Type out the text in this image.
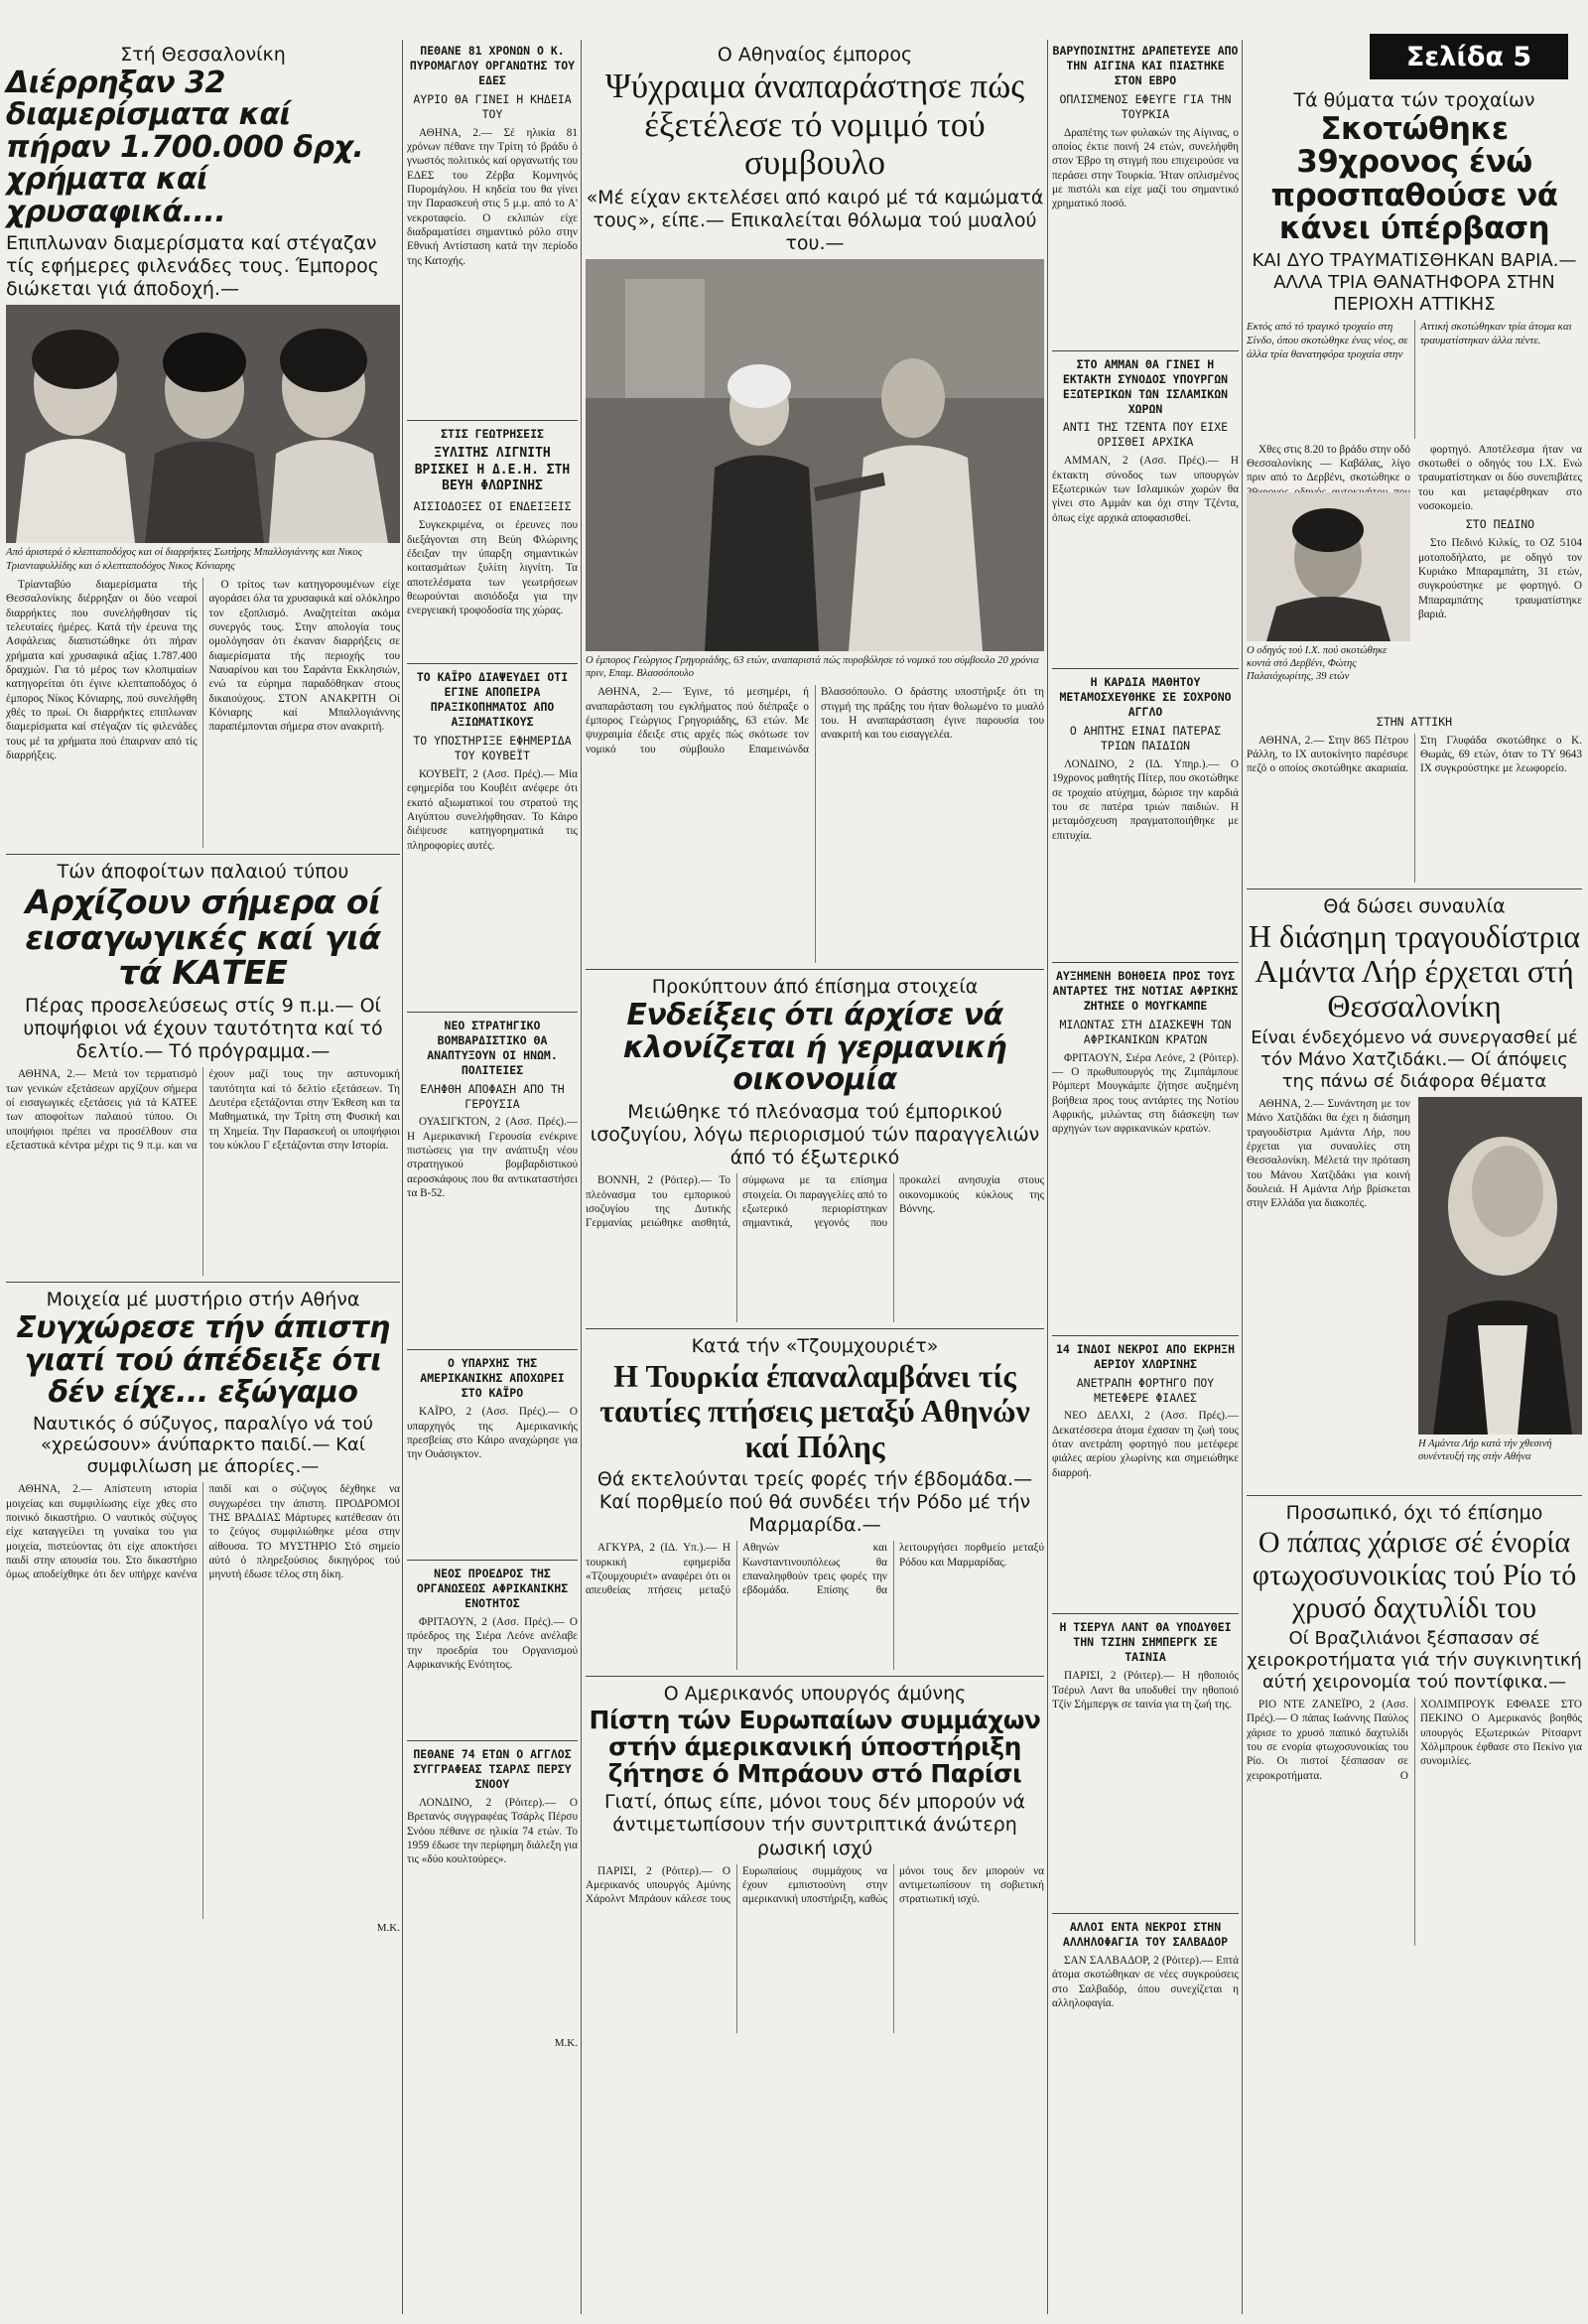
Σελίδα 5
Στή Θεσσαλονίκη
Διέρρηξαν 32 διαμερίσματα καί πήραν 1.700.000 δρχ. χρήματα καί χρυσαφικά....
Επιπλωναν διαμερίσματα καί στέγαζαν τίς εφήμερες φιλενάδες τους. Έμπορος διώκεται γιά άποδοχή.—
Από άριστερά ό κλεπταποδόχος και οί διαρρήκτες Σωτήρης Μπαλλογιάννης και Νικος Τριανταφυλλίδης και ό κλεπταποδόχος Νικος Κόνιαρης

Τρίανταβύο διαμερίσματα τής Θεσσαλονίκης διέρρηξαν οι δύο νεαροί διαρρήκτες που συνελήφθησαν τίς τελευταίες ήμέρες. Κατά τήν έρευνα της Ασφάλειας διαπιστώθηκε ότι πήραν χρήματα καί χρυσαφικά αξίας 1.787.400 δραχμών. Για τό μέρος των κλοπιμαίων κατηγορείται ότι έγινε κλεπταποδόχος ό έμπορος Νίκος Κόνιαρης, πού συνελήφθη χθές το πρωί. Οι διαρρήκτες επιπλωναν διαμερίσματα καί στέγαζαν τίς φιλενάδες τους μέ τα χρήματα πού έπαιρναν από τίς διαρρήξεις.

Ο τρίτος των κατηγορουμένων είχε αγοράσει όλα τα χρυσαφικά καί ολόκληρο τον εξοπλισμό. Αναζητείται ακόμα συνεργός τους. Στην απολογία τους ομολόγησαν ότι έκαναν διαρρήξεις σε διαμερίσματα τής περιοχής του Ναυαρίνου και του Σαράντα Εκκλησιών, ενώ τα εύρημα παραδόθηκαν στους δικαιούχους. ΣΤΟΝ ΑΝΑΚΡΙΤΗ Οί Κόνιαρης καί Μπαλλογιάννης παραπέμπονται σήμερα στον ανακριτή.

Τών άποφοίτων παλαιού τύπου
Αρχίζουν σήμερα οί εισαγωγικές καί γιά τά ΚΑΤΕΕ
Πέρας προσελεύσεως στίς 9 π.μ.— Οί υποψήφιοι νά έχουν ταυτότητα καί τό δελτίο.— Τό πρόγραμμα.—

ΑΘΗΝΑ, 2.— Μετά τον τερματισμό των γενικών εξετάσεων αρχίζουν σήμερα οί εισαγωγικές εξετάσεις γιά τά ΚΑΤΕΕ των αποφοίτων παλαιού τύπου. Οι υποψήφιοι πρέπει να προσέλθουν στα εξεταστικά κέντρα μέχρι τις 9 π.μ. και να έχουν μαζί τους την αστυνομική ταυτότητα καί τό δελτίο εξετάσεων. Τη Δευτέρα εξετάζονται στην Έκθεση και τα Μαθηματικά, την Τρίτη στη Φυσική και τη Χημεία. Την Παρασκευή οι υποψήφιοι του κύκλου Γ εξετάζονται στην Ιστορία.

Μοιχεία μέ μυστήριο στήν Αθήνα
Συγχώρεσε τήν άπιστη γιατί τού άπέδειξε ότι δέν είχε... εξώγαμο
Ναυτικός ό σύζυγος, παραλίγο νά τού «χρεώσουν» άνύπαρκτο παιδί.— Καί συμφιλίωση με άπορίες.—

ΑΘΗΝΑ, 2.— Απίστευτη ιστορία μοιχείας και συμφιλίωσης είχε χθες στο ποινικό δικαστήριο. Ο ναυτικός σύζυγος είχε καταγγείλει τη γυναίκα του για μοιχεία, πιστεύοντας ότι είχε αποκτήσει παιδί στην απουσία του. Στο δικαστήριο όμως αποδείχθηκε ότι δεν υπήρχε κανένα παιδί και ο σύζυγος δέχθηκε να συγχωρέσει την άπιστη. ΠΡΟΔΡΟΜΟΙ ΤΗΣ ΒΡΑΔΙΑΣ Μάρτυρες κατέθεσαν ότι το ζεύγος συμφιλιώθηκε μέσα στην αίθουσα. ΤΟ ΜΥΣΤΗΡΙΟ Στό σημείο αύτό ό πληρεξούσιος δικηγόρος τού μηνυτή έδωσε τέλος στη δίκη.

Μ.Κ.
ΠΕΘΑΝΕ 81 ΧΡΟΝΩΝ Ο Κ. ΠΥΡΟΜΑΓΛΟΥ ΟΡΓΑΝΩΤΗΣ ΤΟΥ ΕΔΕΣ
ΑΥΡΙΟ ΘΑ ΓΙΝΕΙ Η ΚΗΔΕΙΑ ΤΟΥ

ΑΘΗΝΑ, 2.— Σέ ηλικία 81 χρόνων πέθανε την Τρίτη τό βράδυ ό γνωστός πολιτικός καί οργανωτής του ΕΔΕΣ του Ζέρβα Κομνηνός Πυρομάγλου. Η κηδεία του θα γίνει την Παρασκευή στις 5 μ.μ. από το Α' νεκροταφείο. Ο εκλιπών είχε διαδραματίσει σημαντικό ρόλο στην Εθνική Αντίσταση κατά την περίοδο της Κατοχής.

ΣΤΙΣ ΓΕΩΤΡΗΣΕΙΣ
ΞΥΛΙΤΗΣ ΛΙΓΝΙΤΗ ΒΡΙΣΚΕΙ Η Δ.Ε.Η. ΣΤΗ ΒΕΥΗ ΦΛΩΡΙΝΗΣ
ΑΙΣΙΟΔΟΞΕΣ ΟΙ ΕΝΔΕΙΞΕΙΣ

Συγκεκριμένα, οι έρευνες που διεξάγονται στη Βεύη Φλώρινης έδειξαν την ύπαρξη σημαντικών κοιτασμάτων ξυλίτη λιγνίτη. Τα αποτελέσματα των γεωτρήσεων θεωρούνται αισιόδοξα για την ενεργειακή τροφοδοσία της χώρας.

ΤΟ ΚΑΪΡΟ ΔΙΑΨΕΥΔΕΙ ΟΤΙ ΕΓΙΝΕ ΑΠΟΠΕΙΡΑ ΠΡΑΞΙΚΟΠΗΜΑΤΟΣ ΑΠΟ ΑΞΙΩΜΑΤΙΚΟΥΣ
ΤΟ ΥΠΟΣΤΗΡΙΞΕ ΕΦΗΜΕΡΙΔΑ ΤΟΥ ΚΟΥΒΕΪΤ

ΚΟΥΒΕΪΤ, 2 (Ασσ. Πρές).— Μία εφημερίδα του Κουβέιτ ανέφερε ότι εκατό αξιωματικοί του στρατού της Αιγύπτου συνελήφθησαν. Το Κάιρο διέψευσε κατηγορηματικά τις πληροφορίες αυτές.

ΝΕΟ ΣΤΡΑΤΗΓΙΚΟ ΒΟΜΒΑΡΔΙΣΤΙΚΟ ΘΑ ΑΝΑΠΤΥΞΟΥΝ ΟΙ ΗΝΩΜ. ΠΟΛΙΤΕΙΕΣ
ΕΛΗΦΘΗ ΑΠΟΦΑΣΗ ΑΠΟ ΤΗ ΓΕΡΟΥΣΙΑ

ΟΥΑΣΙΓΚΤΟΝ, 2 (Ασσ. Πρές).— Η Αμερικανική Γερουσία ενέκρινε πιστώσεις για την ανάπτυξη νέου στρατηγικού βομβαρδιστικού αεροσκάφους που θα αντικαταστήσει τα Β-52.

Ο ΥΠΑΡΧΗΣ ΤΗΣ ΑΜΕΡΙΚΑΝΙΚΗΣ ΑΠΟΧΩΡΕΙ ΣΤΟ ΚΑΪΡΟ

ΚΑΪΡΟ, 2 (Ασσ. Πρές).— Ο υπαρχηγός της Αμερικανικής πρεσβείας στο Κάιρο αναχώρησε για την Ουάσιγκτον.

ΝΕΟΣ ΠΡΟΕΔΡΟΣ ΤΗΣ ΟΡΓΑΝΩΣΕΩΣ ΑΦΡΙΚΑΝΙΚΗΣ ΕΝΟΤΗΤΟΣ

ΦΡΙΤΑΟΥΝ, 2 (Ασσ. Πρές).— Ο πρόεδρος της Σιέρα Λεόνε ανέλαβε την προεδρία του Οργανισμού Αφρικανικής Ενότητος.

ΠΕΘΑΝΕ 74 ΕΤΩΝ Ο ΑΓΓΛΟΣ ΣΥΓΓΡΑΦΕΑΣ ΤΣΑΡΛΣ ΠΕΡΣΥ ΣΝΟΟΥ

ΛΟΝΔΙΝΟ, 2 (Ρόιτερ).— Ο Βρετανός συγγραφέας Τσάρλς Πέρσυ Σνόου πέθανε σε ηλικία 74 ετών. Το 1959 έδωσε την περίφημη διάλεξη για τις «δύο κουλτούρες».

Μ.Κ.
Ο Αθηναίος έμπορος
Ψύχραιμα άναπαράστησε πώς έξετέλεσε τό νομιμό τού συμβουλο
«Μέ είχαν εκτελέσει από καιρό μέ τά καμώματά τους», είπε.— Επικαλείται θόλωμα τού μυαλού του.—
Ο έμπορος Γεώργιος Γρηγοριάδης, 63 ετών, αναπαριστά πώς πυροβόλησε τό νομικό του σύμβουλο 20 χρόνια πριν, Επαμ. Βλασσόπουλο

ΑΘΗΝΑ, 2.— Έγινε, τό μεσημέρι, ή αναπαράσταση του εγκλήματος πού διέπραξε ο έμπορος Γεώργιος Γρηγοριάδης, 63 ετών. Με ψυχραιμία έδειξε στις αρχές πώς σκότωσε τον νομικό του σύμβουλο Επαμεινώνδα Βλασσόπουλο. Ο δράστης υποστήριξε ότι τη στιγμή της πράξης του ήταν θολωμένο το μυαλό του. Η αναπαράσταση έγινε παρουσία του ανακριτή και του εισαγγελέα.

Προκύπτουν άπό έπίσημα στοιχεία
Ενδείξεις ότι άρχίσε νά κλονίζεται ή γερμανική οικονομία
Μειώθηκε τό πλεόνασμα τού έμπορικού ισοζυγίου, λόγω περιορισμού τών παραγγελιών άπό τό έξωτερικό

ΒΟΝΝΗ, 2 (Ρόιτερ).— Το πλεόνασμα του εμπορικού ισοζυγίου της Δυτικής Γερμανίας μειώθηκε αισθητά, σύμφωνα με τα επίσημα στοιχεία. Οι παραγγελίες από το εξωτερικό περιορίστηκαν σημαντικά, γεγονός που προκαλεί ανησυχία στους οικονομικούς κύκλους της Βόννης.

Κατά τήν «Τζουμχουριέτ»
Η Τουρκία έπαναλαμβάνει τίς ταυτίες πτήσεις μεταξύ Αθηνών καί Πόλης
Θά εκτελούνται τρείς φορές τήν έβδομάδα.— Καί πορθμείο πού θά συνδέει τήν Ρόδο μέ τήν Μαρμαρίδα.—

ΑΓΚΥΡΑ, 2 (ΙΔ. Υπ.).— Η τουρκική εφημερίδα «Τζουμχουριέτ» αναφέρει ότι οι απευθείας πτήσεις μεταξύ Αθηνών και Κωνσταντινουπόλεως θα επαναληφθούν τρεις φορές την εβδομάδα. Επίσης θα λειτουργήσει πορθμείο μεταξύ Ρόδου και Μαρμαρίδας.

Ο Αμερικανός υπουργός άμύνης
Πίστη τών Ευρωπαίων συμμάχων στήν άμερικανική ύποστήριξη ζήτησε ό Μπράουν στό Παρίσι
Γιατί, όπως είπε, μόνοι τους δέν μπορούν νά άντιμετωπίσουν τήν συντριπτικά άνώτερη ρωσική ισχύ

ΠΑΡΙΣΙ, 2 (Ρόιτερ).— Ο Αμερικανός υπουργός Αμύνης Χάρολντ Μπράουν κάλεσε τους Ευρωπαίους συμμάχους να έχουν εμπιστοσύνη στην αμερικανική υποστήριξη, καθώς μόνοι τους δεν μπορούν να αντιμετωπίσουν τη σοβιετική στρατιωτική ισχύ.

ΒΑΡΥΠΟΙΝΙΤΗΣ ΔΡΑΠΕΤΕΥΣΕ ΑΠΟ ΤΗΝ ΑΙΓΙΝΑ ΚΑΙ ΠΙΑΣΤΗΚΕ ΣΤΟΝ ΕΒΡΟ
ΟΠΛΙΣΜΕΝΟΣ ΕΦΕΥΓΕ ΓΙΑ ΤΗΝ ΤΟΥΡΚΙΑ

Δραπέτης των φυλακών της Αίγινας, ο οποίος έκτιε ποινή 24 ετών, συνελήφθη στον Έβρο τη στιγμή που επιχειρούσε να περάσει στην Τουρκία. Ήταν οπλισμένος με πιστόλι και είχε μαζί του σημαντικό χρηματικό ποσό.

ΣΤΟ ΑΜΜΑΝ ΘΑ ΓΙΝΕΙ Η ΕΚΤΑΚΤΗ ΣΥΝΟΔΟΣ ΥΠΟΥΡΓΩΝ ΕΞΩΤΕΡΙΚΩΝ ΤΩΝ ΙΣΛΑΜΙΚΩΝ ΧΩΡΩΝ
ΑΝΤΙ ΤΗΣ ΤΖΕΝΤΑ ΠΟΥ ΕΙΧΕ ΟΡΙΣΘΕΙ ΑΡΧΙΚΑ

ΑΜΜΑΝ, 2 (Ασσ. Πρές).— Η έκτακτη σύνοδος των υπουργών Εξωτερικών των Ισλαμικών χωρών θα γίνει στο Αμμάν και όχι στην Τζέντα, όπως είχε αρχικά αποφασισθεί.

Η ΚΑΡΔΙΑ ΜΑΘΗΤΟΥ ΜΕΤΑΜΟΣΧΕΥΘΗΚΕ ΣΕ ΣΟΧΡΟΝΟ ΑΓΓΛΟ
Ο ΑΗΠΤΗΣ ΕΙΝΑΙ ΠΑΤΕΡΑΣ ΤΡΙΩΝ ΠΑΙΔΙΩΝ

ΛΟΝΔΙΝΟ, 2 (ΙΔ. Υπηρ.).— Ο 19χρονος μαθητής Πίτερ, που σκοτώθηκε σε τροχαίο ατύχημα, δώρισε την καρδιά του σε πατέρα τριών παιδιών. Η μεταμόσχευση πραγματοποιήθηκε με επιτυχία.

ΑΥΞΗΜΕΝΗ ΒΟΗΘΕΙΑ ΠΡΟΣ ΤΟΥΣ ΑΝΤΑΡΤΕΣ ΤΗΣ ΝΟΤΙΑΣ ΑΦΡΙΚΗΣ ΖΗΤΗΣΕ Ο ΜΟΥΓΚΑΜΠΕ
ΜΙΛΩΝΤΑΣ ΣΤΗ ΔΙΑΣΚΕΨΗ ΤΩΝ ΑΦΡΙΚΑΝΙΚΩΝ ΚΡΑΤΩΝ

ΦΡΙΤΑΟΥΝ, Σιέρα Λεόνε, 2 (Ρόιτερ).— Ο πρωθυπουργός της Ζιμπάμπουε Ρόμπερτ Μουγκάμπε ζήτησε αυξημένη βοήθεια προς τους αντάρτες της Νοτίου Αφρικής, μιλώντας στη διάσκεψη των αρχηγών των αφρικανικών κρατών.

14 ΙΝΔΟΙ ΝΕΚΡΟΙ ΑΠΟ ΕΚΡΗΞΗ ΑΕΡΙΟΥ ΧΛΩΡΙΝΗΣ
ΑΝΕΤΡΑΠΗ ΦΟΡΤΗΓΟ ΠΟΥ ΜΕΤΕΦΕΡΕ ΦΙΑΛΕΣ

ΝΕΟ ΔΕΛΧΙ, 2 (Ασσ. Πρές).— Δεκατέσσερα άτομα έχασαν τη ζωή τους όταν ανετράπη φορτηγό που μετέφερε φιάλες αερίου χλωρίνης και σημειώθηκε διαρροή.

Η ΤΣΕΡΥΛ ΛΑΝΤ ΘΑ ΥΠΟΔΥΘΕΙ ΤΗΝ ΤΖΙΗΝ ΣΗΜΠΕΡΓΚ ΣΕ ΤΑΙΝΙΑ

ΠΑΡΙΣΙ, 2 (Ρόιτερ).— Η ηθοποιός Τσέρυλ Λαντ θα υποδυθεί την ηθοποιό Τζίν Σήμπεργκ σε ταινία για τη ζωή της.

ΑΛΛΟΙ ΕΝΤΑ ΝΕΚΡΟΙ ΣΤΗΝ ΑΛΛΗΛΟΦΑΓΙΑ ΤΟΥ ΣΑΛΒΑΔΟΡ

ΣΑΝ ΣΑΛΒΑΔΟΡ, 2 (Ρόιτερ).— Επτά άτομα σκοτώθηκαν σε νέες συγκρούσεις στο Σαλβαδόρ, όπου συνεχίζεται η αλληλοφαγία.

Τά θύματα τών τροχαίων
Σκοτώθηκε 39χρονος ένώ προσπαθούσε νά κάνει ύπέρβαση
ΚΑΙ ΔΥΟ ΤΡΑΥΜΑΤΙΣΘΗΚΑΝ ΒΑΡΙΑ.— ΑΛΛΑ ΤΡΙΑ ΘΑΝΑΤΗΦΟΡΑ ΣΤΗΝ ΠΕΡΙΟΧΗ ΑΤΤΙΚΗΣ

Εκτός από τό τραγικό τροχαίο στη Σίνδο, όπου σκοτώθηκε ένας νέος, σε άλλα τρία θανατηφόρα τροχαία στην Αττική σκοτώθηκαν τρία άτομα και τραυματίστηκαν άλλα πέντε.

Χθες στις 8.20 το βράδυ στην οδό Θεσσαλονίκης — Καβάλας, λίγο πριν από το Δερβένι, σκοτώθηκε ο

Ο οδηγός τού Ι.Χ. πού σκοτώθηκε κοντά στό Δερβένι, Φώτης Παλαιόχωρίτης, 39 ετών

φορτηγό. Αποτέλεσμα ήταν να σκοτωθεί ο οδηγός του Ι.Χ. Ενώ τραυματίστηκαν οι δύο συνεπιβάτες του και μεταφέρθηκαν στο νοσοκομείο.

ΣΤΟ ΠΕΔΙΝΟ

Στο Πεδινό Κιλκίς, το ΟΖ 5104 μοτοποδήλατο, με οδηγό τον Κυριάκο Μπαραμπάτη, 31 ετών, συγκρούστηκε με φορτηγό. Ο Μπαραμπάτης τραυματίστηκε βαριά.

ΣΤΗΝ ΑΤΤΙΚΗ

ΑΘΗΝΑ, 2.— Στην 865 Πέτρου Ράλλη, το ΙΧ αυτοκίνητο παρέσυρε πεζό ο οποίος σκοτώθηκε ακαριαία. Στη Γλυφάδα σκοτώθηκε ο Κ. Θωμάς, 69 ετών, όταν το ΤΥ 9643 ΙΧ συγκρούστηκε με λεωφορείο.

Θά δώσει συναυλία
Η διάσημη τραγουδίστρια Αμάντα Λήρ έρχεται στή Θεσσαλονίκη
Είναι ένδεχόμενο νά συνεργασθεί μέ τόν Μάνο Χατζιδάκι.— Οί άπόψεις της πάνω σέ διάφορα θέματα

ΑΘΗΝΑ, 2.— Συνάντηση με τον Μάνο Χατζιδάκι θα έχει η διάσημη τραγουδίστρια Αμάντα Λήρ, που έρχεται για συναυλίες στη Θεσσαλονίκη. Μέλετά την πρόταση του Μάνου Χατζιδάκι για κοινή δουλειά. Η Αμάντα Λήρ βρίσκεται στην Ελλάδα για διακοπές.

Η Αμάντα Λήρ κατά τήν χθεσινή συνέντευξή της στήν Αθήνα
Προσωπικό, όχι τό έπίσημο
Ο πάπας χάρισε σέ ένορία φτωχοσυνοικίας τού Ρίο τό χρυσό δαχτυλίδι του
Οί Βραζιλιάνοι ξέσπασαν σέ χειροκροτήματα γιά τήν συγκινητική αύτή χειρονομία τού ποντίφικα.—

ΡΙΟ ΝΤΕ ΖΑΝΕΪΡΟ, 2 (Ασσ. Πρές).— Ο πάπας Ιωάννης Παύλος χάρισε το χρυσό παπικό δαχτυλίδι του σε ενορία φτωχοσυνοικίας του Ρίο. Οι πιστοί ξέσπασαν σε χειροκροτήματα. Ο ΧΟΛΙΜΠΡΟΥΚ ΕΦΘΑΣΕ ΣΤΟ ΠΕΚΙΝΟ Ο Αμερικανός βοηθός υπουργός Εξωτερικών Ρίτσαρντ Χόλμπρουκ έφθασε στο Πεκίνο για συνομιλίες.
